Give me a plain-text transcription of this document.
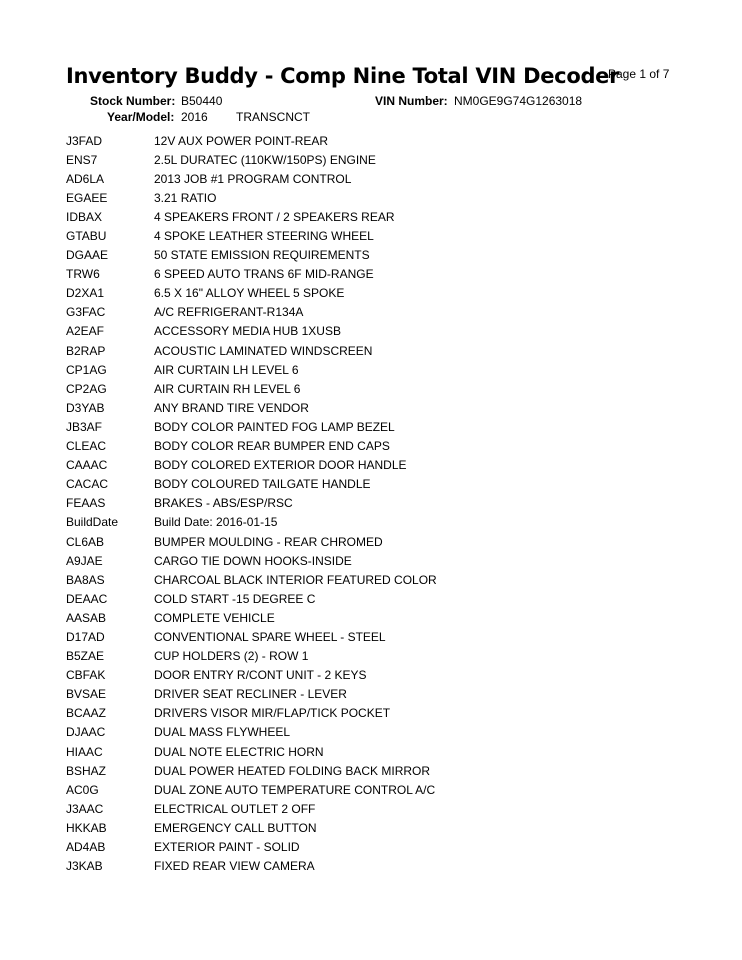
Inventory Buddy - Comp Nine Total VIN Decoder
Page 1 of 7
Stock Number: B50440	VIN Number: NM0GE9G74G1263018
Year/Model: 2016 TRANSCNCT
J3FAD	12V AUX POWER POINT-REAR
ENS7	2.5L DURATEC (110KW/150PS) ENGINE
AD6LA	2013 JOB #1 PROGRAM CONTROL
EGAEE	3.21 RATIO
IDBAX	4 SPEAKERS FRONT / 2 SPEAKERS REAR
GTABU	4 SPOKE LEATHER STEERING WHEEL
DGAAE	50 STATE EMISSION REQUIREMENTS
TRW6	6 SPEED AUTO TRANS 6F MID-RANGE
D2XA1	6.5 X 16" ALLOY WHEEL 5 SPOKE
G3FAC	A/C REFRIGERANT-R134A
A2EAF	ACCESSORY MEDIA HUB 1XUSB
B2RAP	ACOUSTIC LAMINATED WINDSCREEN
CP1AG	AIR CURTAIN LH LEVEL 6
CP2AG	AIR CURTAIN RH LEVEL 6
D3YAB	ANY BRAND TIRE VENDOR
JB3AF	BODY COLOR PAINTED FOG LAMP BEZEL
CLEAC	BODY COLOR REAR BUMPER END CAPS
CAAAC	BODY COLORED EXTERIOR DOOR HANDLE
CACAC	BODY COLOURED TAILGATE HANDLE
FEAAS	BRAKES - ABS/ESP/RSC
BuildDate	Build Date: 2016-01-15
CL6AB	BUMPER MOULDING - REAR CHROMED
A9JAE	CARGO TIE DOWN HOOKS-INSIDE
BA8AS	CHARCOAL BLACK INTERIOR FEATURED COLOR
DEAAC	COLD START -15 DEGREE C
AASAB	COMPLETE VEHICLE
D17AD	CONVENTIONAL SPARE WHEEL - STEEL
B5ZAE	CUP HOLDERS (2) - ROW 1
CBFAK	DOOR ENTRY R/CONT UNIT - 2 KEYS
BVSAE	DRIVER SEAT RECLINER - LEVER
BCAAZ	DRIVERS VISOR MIR/FLAP/TICK POCKET
DJAAC	DUAL MASS FLYWHEEL
HIAAC	DUAL NOTE ELECTRIC HORN
BSHAZ	DUAL POWER HEATED FOLDING BACK MIRROR
AC0G	DUAL ZONE AUTO TEMPERATURE CONTROL A/C
J3AAC	ELECTRICAL OUTLET 2 OFF
HKKAB	EMERGENCY CALL BUTTON
AD4AB	EXTERIOR PAINT - SOLID
J3KAB	FIXED REAR VIEW CAMERA
